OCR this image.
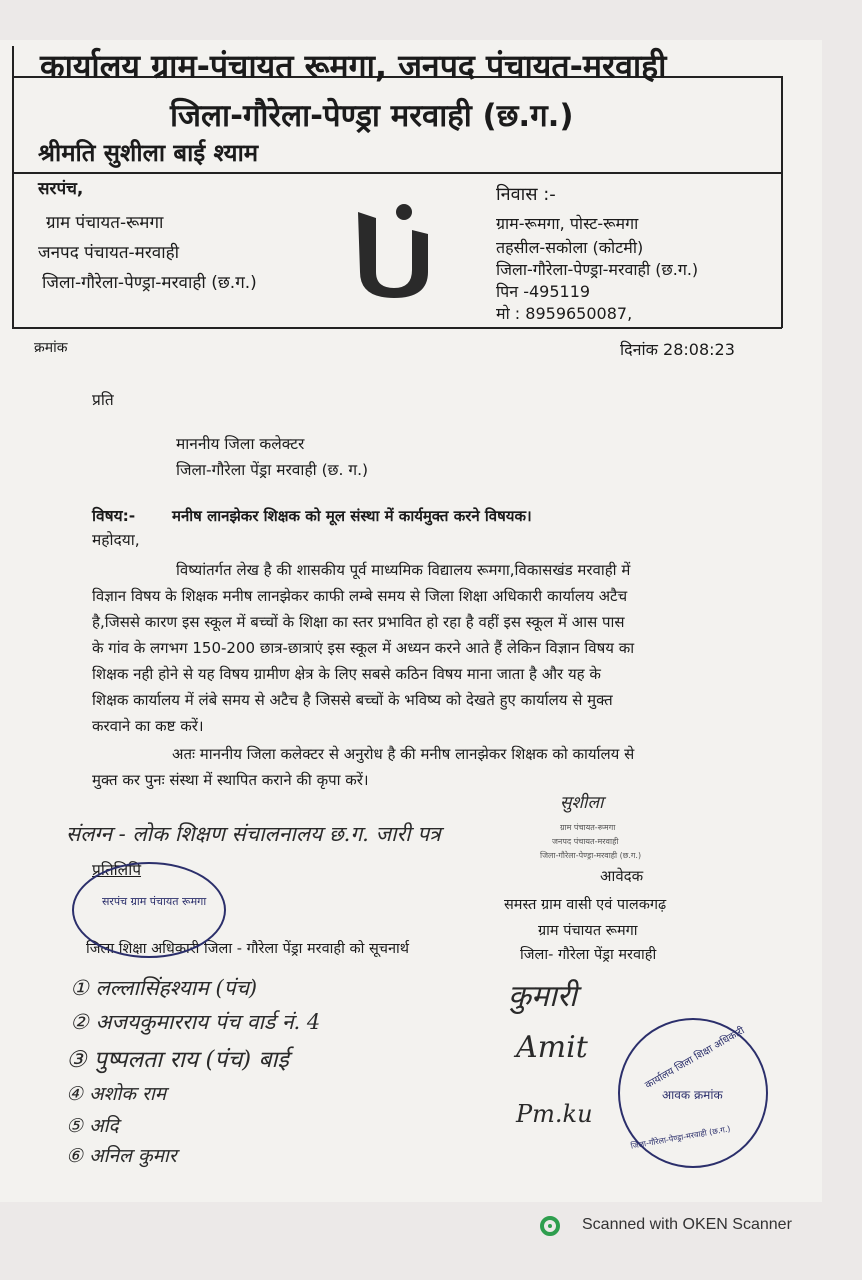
कार्यालय ग्राम-पंचायत रूमगा, जनपद पंचायत-मरवाही
जिला-गौरेला-पेण्ड्रा मरवाही (छ.ग.)
श्रीमति सुशीला बाई श्याम
सरपंच,
ग्राम पंचायत-रूमगा
जनपद पंचायत-मरवाही
जिला-गौरेला-पेण्ड्रा-मरवाही (छ.ग.)
निवास :-
ग्राम-रूमगा, पोस्ट-रूमगा
तहसील-सकोला (कोटमी)
जिला-गौरेला-पेण्ड्रा-मरवाही (छ.ग.)
पिन -495119
मो : 8959650087,
क्रमांक	दिनांक 28:08:23
प्रति
माननीय जिला कलेक्टर
जिला-गौरेला पेंड्रा मरवाही (छ. ग.)
विषय:- मनीष लानझेकर शिक्षक को मूल संस्था में कार्यमुक्त करने विषयक।
महोदया,
विष्यांतर्गत लेख है की शासकीय पूर्व माध्यमिक विद्यालय रूमगा,विकासखंड मरवाही में
विज्ञान विषय के शिक्षक मनीष लानझेकर काफी लम्बे समय से जिला शिक्षा अधिकारी कार्यालय अटैच
है,जिससे कारण इस स्कूल में बच्चों के शिक्षा का स्तर प्रभावित हो रहा है वहीं इस स्कूल में आस पास
के गांव के लगभग 150-200 छात्र-छात्राएं इस स्कूल में अध्यन करने आते हैं लेकिन विज्ञान विषय का
शिक्षक नही होने से यह विषय ग्रामीण क्षेत्र के लिए सबसे कठिन विषय माना जाता है और यह के
शिक्षक कार्यालय में लंबे समय से अटैच है जिससे बच्चों के भविष्य को देखते हुए कार्यालय से मुक्त
करवाने का कष्ट करें।
अतः माननीय जिला कलेक्टर से अनुरोध है की मनीष लानझेकर शिक्षक को कार्यालय से
मुक्त कर पुनः संस्था में स्थापित कराने की कृपा करें।
सुशीला
ग्राम पंचायत-रूमगा
जनपद पंचायत-मरवाही
जिला-गौरेला-पेण्ड्रा-मरवाही (छ.ग.)
संलग्न - लोक शिक्षण संचालनालय छ.ग. जारी पत्र
प्रतिलिपि
जिला शिक्षा अधिकारी जिला - गौरेला पेंड्रा मरवाही को सूचनार्थ
आवेदक
समस्त ग्राम वासी एवं पालकगढ़
ग्राम पंचायत रूमगा
जिला- गौरेला पेंड्रा मरवाही
सरपंच ग्राम पंचायत रूमगा
① लल्लासिंहश्याम (पंच)
② अजयकुमारराय पंच वार्ड नं. 4
③ पुष्पलता राय (पंच) बाई
④ अशोक राम
⑤ अदि
⑥ अनिल कुमार
कुमारी
Amit
Pm.ku
कार्यालय जिला शिक्षा अधिकारी
आवक क्रमांक
जिला-गौरेला-पेण्ड्रा-मरवाही (छ.ग.)
Scanned with OKEN Scanner
